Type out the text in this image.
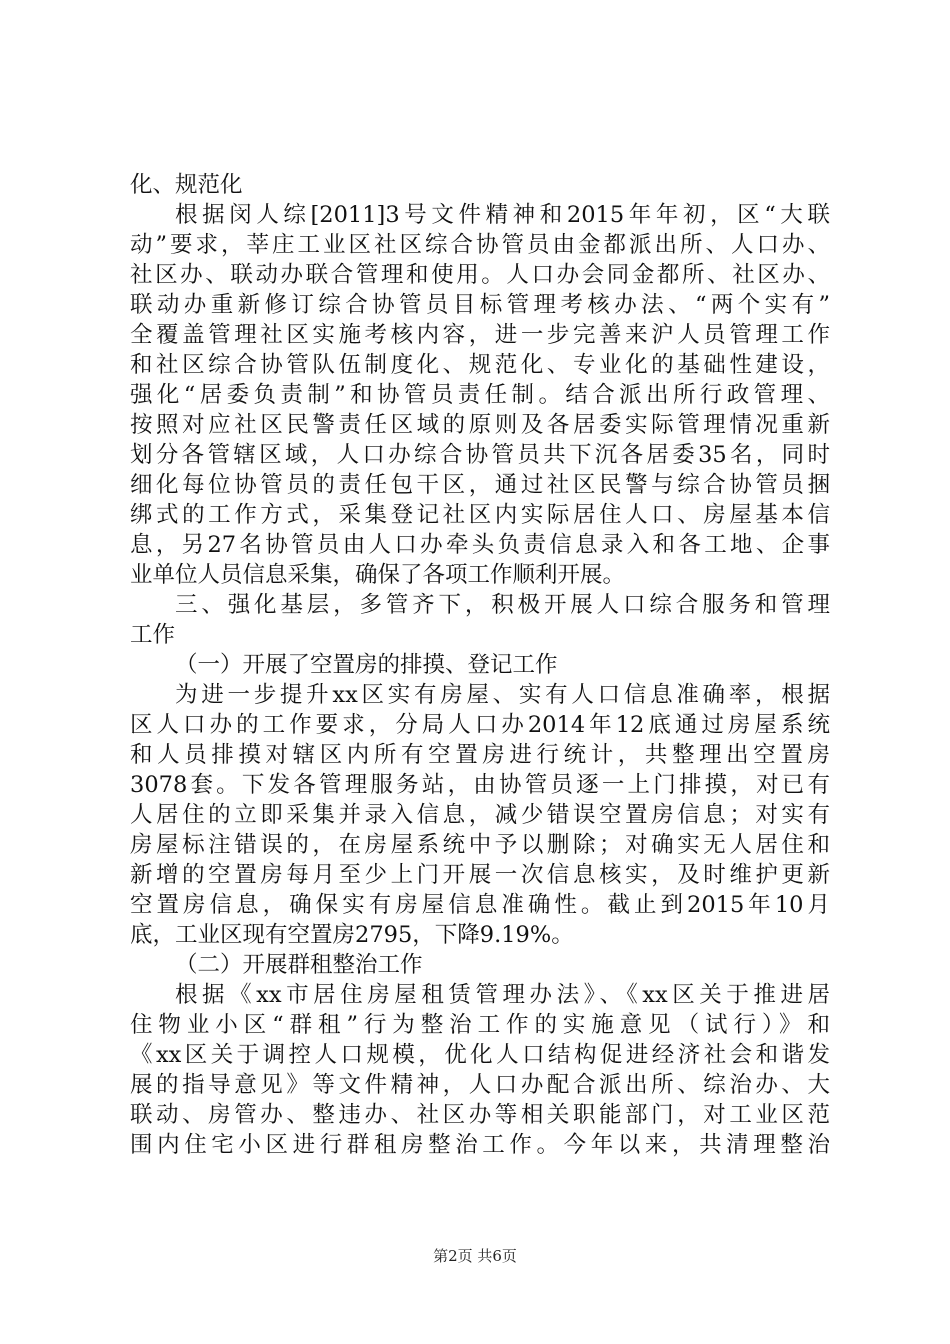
化、规范化
根据闵人综[2011]3号文件精神和2015年年初，区“大联
动”要求，莘庄工业区社区综合协管员由金都派出所、人口办、
社区办、联动办联合管理和使用。人口办会同金都所、社区办、
联动办重新修订综合协管员目标管理考核办法、“两个实有”
全覆盖管理社区实施考核内容，进一步完善来沪人员管理工作
和社区综合协管队伍制度化、规范化、专业化的基础性建设，
强化“居委负责制”和协管员责任制。结合派出所行政管理、
按照对应社区民警责任区域的原则及各居委实际管理情况重新
划分各管辖区域，人口办综合协管员共下沉各居委35名，同时
细化每位协管员的责任包干区，通过社区民警与综合协管员捆
绑式的工作方式，采集登记社区内实际居住人口、房屋基本信
息，另27名协管员由人口办牵头负责信息录入和各工地、企事
业单位人员信息采集，确保了各项工作顺利开展。
三、强化基层，多管齐下，积极开展人口综合服务和管理
工作
（一）开展了空置房的排摸、登记工作
为进一步提升xx区实有房屋、实有人口信息准确率，根据
区人口办的工作要求，分局人口办2014年12底通过房屋系统
和人员排摸对辖区内所有空置房进行统计，共整理出空置房
3078套。下发各管理服务站，由协管员逐一上门排摸，对已有
人居住的立即采集并录入信息，减少错误空置房信息；对实有
房屋标注错误的，在房屋系统中予以删除；对确实无人居住和
新增的空置房每月至少上门开展一次信息核实，及时维护更新
空置房信息，确保实有房屋信息准确性。截止到2015年10月
底，工业区现有空置房2795，下降9.19%。
（二）开展群租整治工作
根据《xx市居住房屋租赁管理办法》、《xx区关于推进居
住物业小区“群租”行为整治工作的实施意见（试行）》和
《xx区关于调控人口规模，优化人口结构促进经济社会和谐发
展的指导意见》等文件精神，人口办配合派出所、综治办、大
联动、房管办、整违办、社区办等相关职能部门，对工业区范
围内住宅小区进行群租房整治工作。今年以来，共清理整治
第2页 共6页
